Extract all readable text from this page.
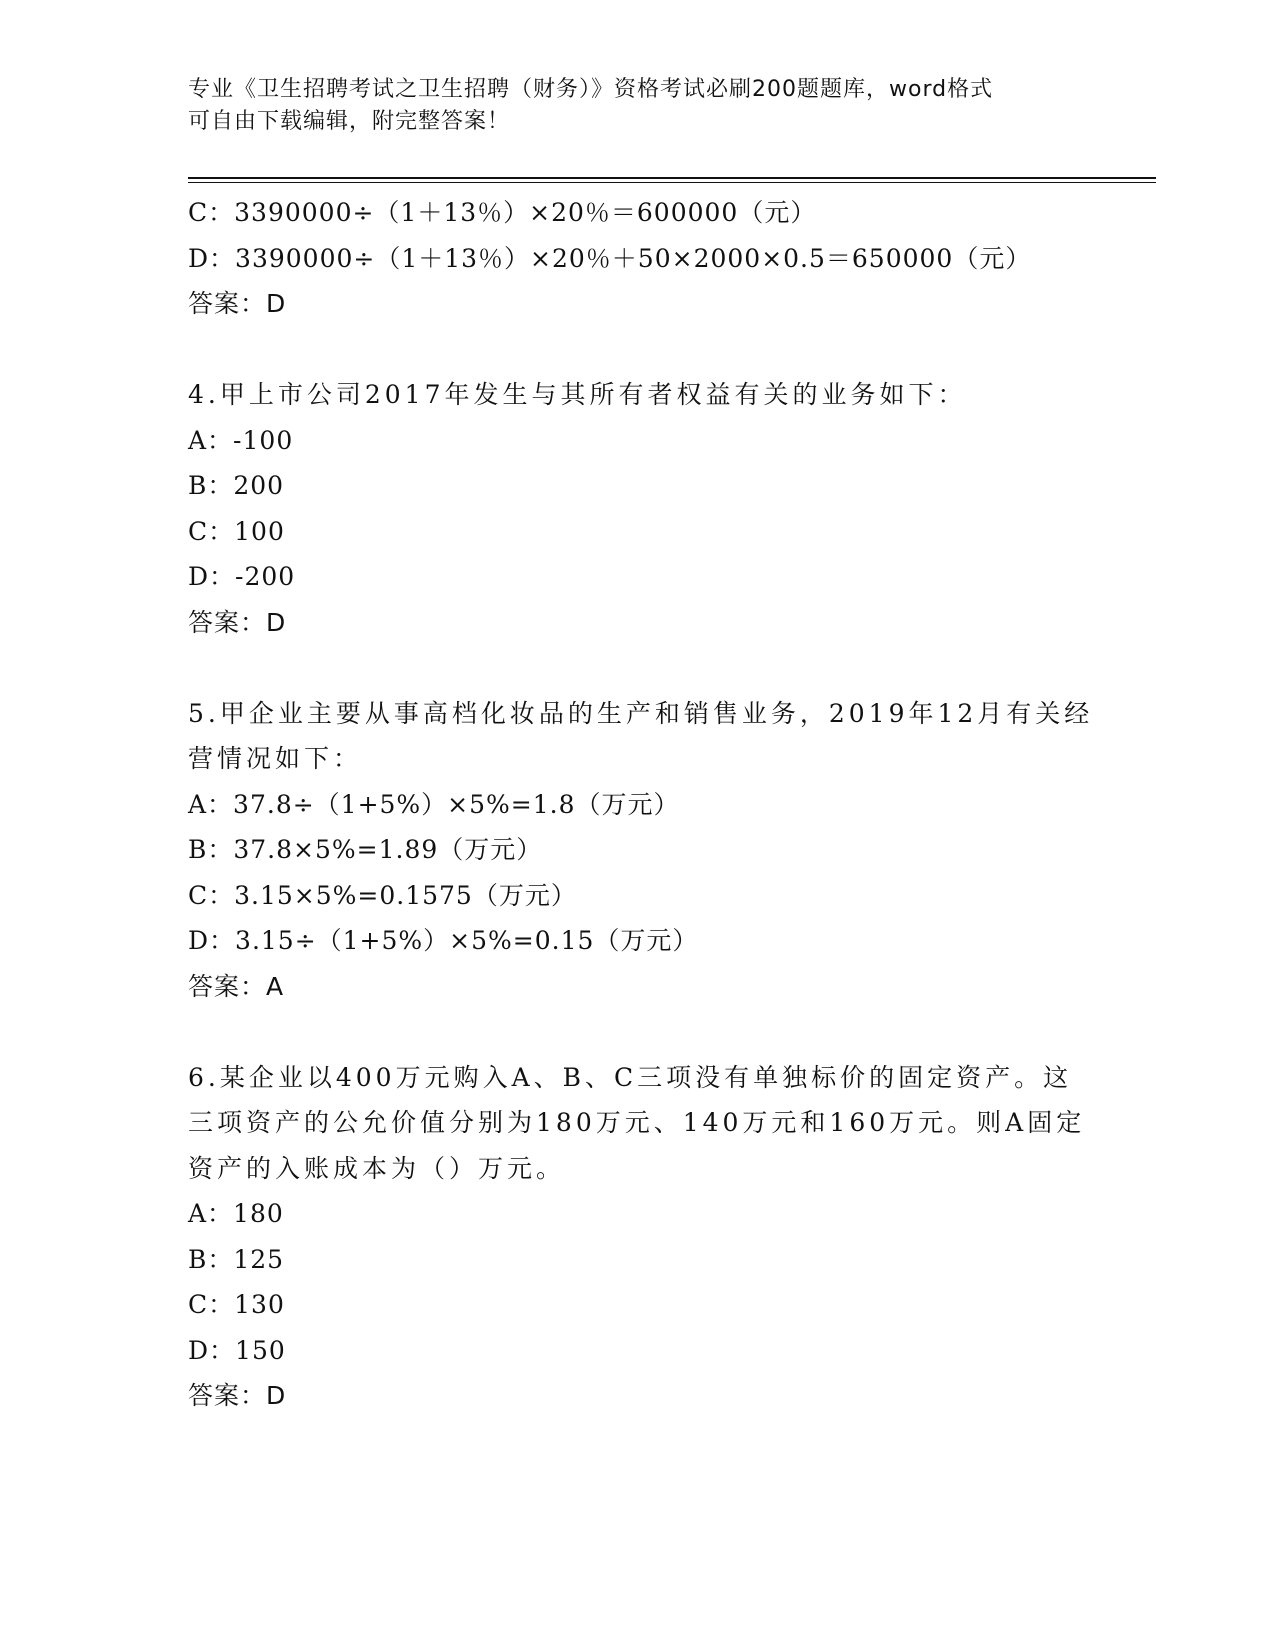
专业《卫生招聘考试之卫生招聘（财务）》资格考试必刷200题题库，word格式
可自由下载编辑，附完整答案！
C：3390000÷（1＋13％）×20％＝600000（元）
D：3390000÷（1＋13％）×20％＋50×2000×0.5＝650000（元）
答案：D
4.甲上市公司2017年发生与其所有者权益有关的业务如下：
A：-100
B：200
C：100
D：-200
答案：D
5.甲企业主要从事高档化妆品的生产和销售业务，2019年12月有关经
营情况如下：
A：37.8÷（1+5%）×5%=1.8（万元）
B：37.8×5%=1.89（万元）
C：3.15×5%=0.1575（万元）
D：3.15÷（1+5%）×5%=0.15（万元）
答案：A
6.某企业以400万元购入A、B、C三项没有单独标价的固定资产。这
三项资产的公允价值分别为180万元、140万元和160万元。则A固定
资产的入账成本为（）万元。
A：180
B：125
C：130
D：150
答案：D
